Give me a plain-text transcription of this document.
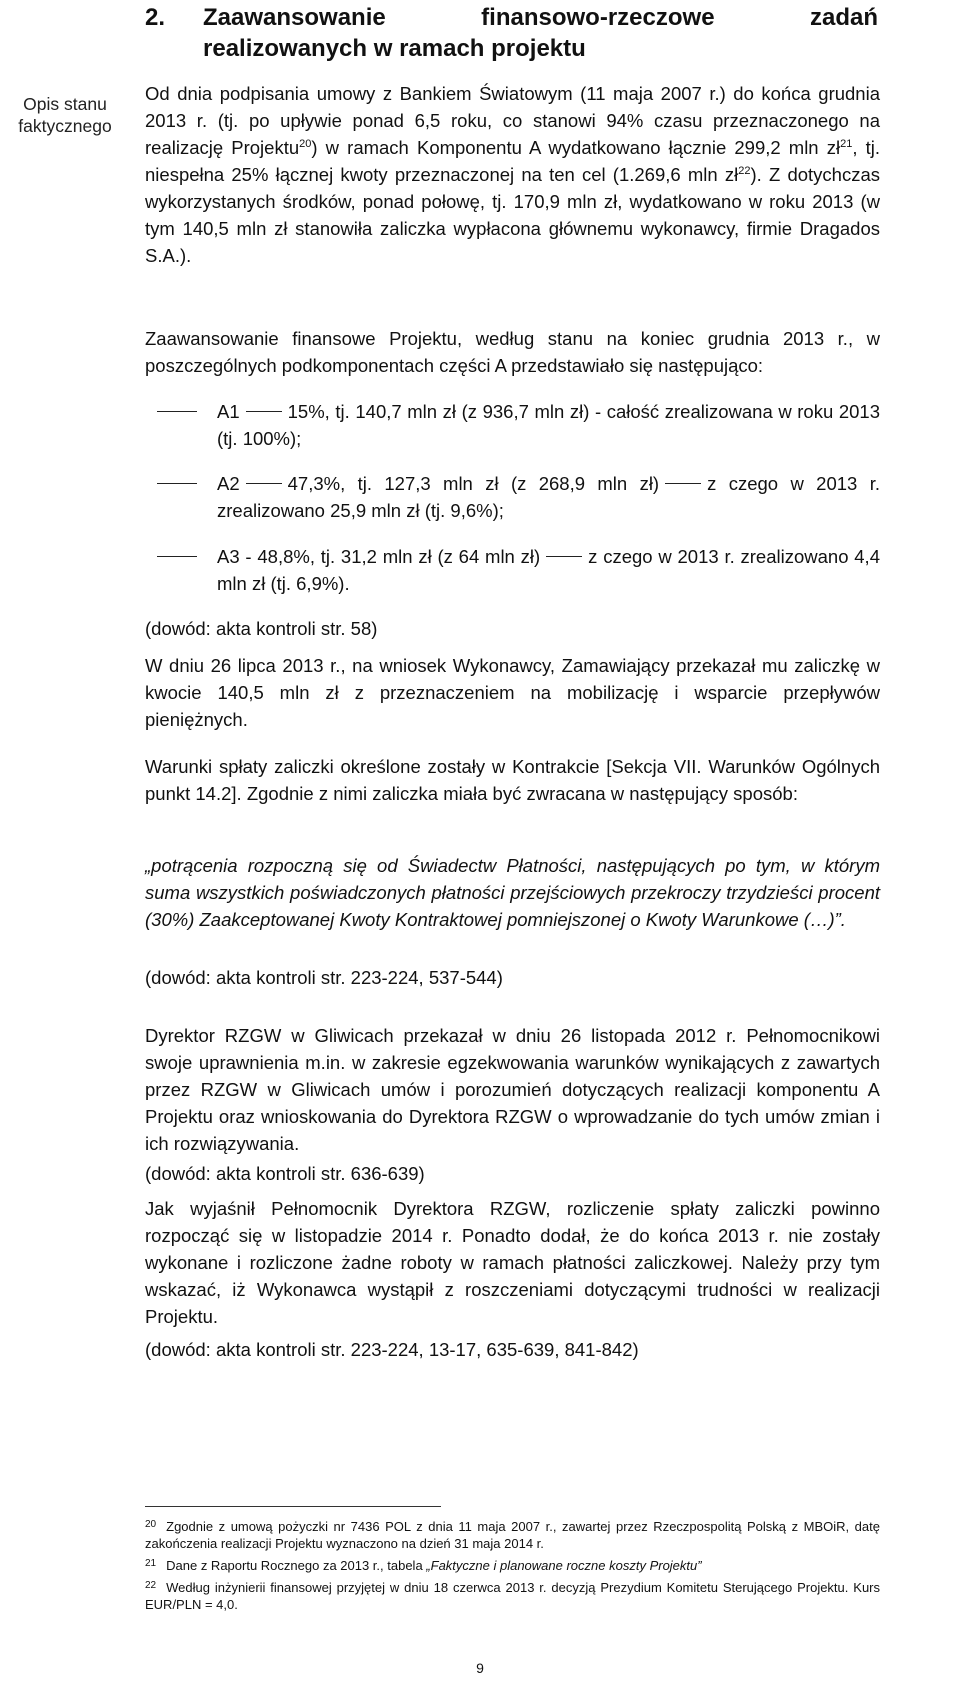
Opis stanu faktycznego
2. Zaawansowanie	finansowo-rzeczowe	zadań
realizowanych w ramach projektu

Od dnia podpisania umowy z Bankiem Światowym (11 maja 2007 r.) do końca grudnia 2013 r. (tj. po upływie ponad 6,5 roku, co stanowi 94% czasu przeznaczonego na realizację Projektu$^{20}$) w ramach Komponentu A wydatkowano łącznie 299,2 mln $zł^{21}$, tj. niespełna 25% łącznej kwoty przeznaczonej na ten cel (1.269,6 mln $zł^{22}$). Z dotychczas wykorzystanych środków, ponad połowę, tj. 170,9 mln zł, wydatkowano w roku 2013 (w tym 140,5 mln zł stanowiła zaliczka wypłacona głównemu wykonawcy, firmie Dragados S.A.).

Zaawansowanie finansowe Projektu, według stanu na koniec grudnia 2013 r., w poszczególnych podkomponentach części A przedstawiało się następująco:

A1	15%, tj. 140,7 mln zł (z 936,7 mln zł) - całość zrealizowana w roku 2013 (tj. 100%);

A2	47,3%, tj. 127,3 mln zł (z 268,9 mln zł)	z czego w 2013 r. zrealizowano 25,9 mln zł (tj. 9,6%);

A3 - 48,8%, tj. 31,2 mln zł (z 64 mln zł)	z czego w 2013 r. zrealizowano 4,4 mln zł (tj. 6,9%).

(dowód: akta kontroli str. 58)

W dniu 26 lipca 2013 r., na wniosek Wykonawcy, Zamawiający przekazał mu zaliczkę w kwocie 140,5 mln zł z przeznaczeniem na mobilizację i wsparcie przepływów pieniężnych.

Warunki spłaty zaliczki określone zostały w Kontrakcie [Sekcja VII. Warunków Ogólnych punkt 14.2]. Zgodnie z nimi zaliczka miała być zwracana w następujący sposób:

„potrącenia rozpoczną się od Świadectw Płatności, następujących po tym, w którym suma wszystkich poświadczonych płatności przejściowych przekroczy trzydzieści procent (30%) Zaakceptowanej Kwoty Kontraktowej pomniejszonej o Kwoty Warunkowe (…)”.

(dowód: akta kontroli str. 223-224, 537-544)

Dyrektor RZGW w Gliwicach przekazał w dniu 26 listopada 2012 r. Pełnomocnikowi swoje uprawnienia m.in. w zakresie egzekwowania warunków wynikających z zawartych przez RZGW w Gliwicach umów i porozumień dotyczących realizacji komponentu A Projektu oraz wnioskowania do Dyrektora RZGW o wprowadzanie do tych umów zmian i ich rozwiązywania.

(dowód: akta kontroli str. 636-639)

Jak wyjaśnił Pełnomocnik Dyrektora RZGW, rozliczenie spłaty zaliczki powinno rozpocząć się w listopadzie 2014 r. Ponadto dodał, że do końca 2013 r. nie zostały wykonane i rozliczone żadne roboty w ramach płatności zaliczkowej. Należy przy tym wskazać, iż Wykonawca wystąpił z roszczeniami dotyczącymi trudności w realizacji Projektu.

(dowód: akta kontroli str. 223-224, 13-17, 635-639, 841-842)

$^{20}$ Zgodnie z umową pożyczki nr 7436 POL z dnia 11 maja 2007 r., zawartej przez Rzeczpospolitą Polską z MBOiR, datę zakończenia realizacji Projektu wyznaczono na dzień 31 maja 2014 r.
$^{21}$ Dane z Raportu Rocznego za 2013 r., tabela „Faktyczne i planowane roczne koszty Projektu”
$^{22}$ Według inżynierii finansowej przyjętej w dniu 18 czerwca 2013 r. decyzją Prezydium Komitetu Sterującego Projektu. Kurs EUR/PLN = 4,0.
9
